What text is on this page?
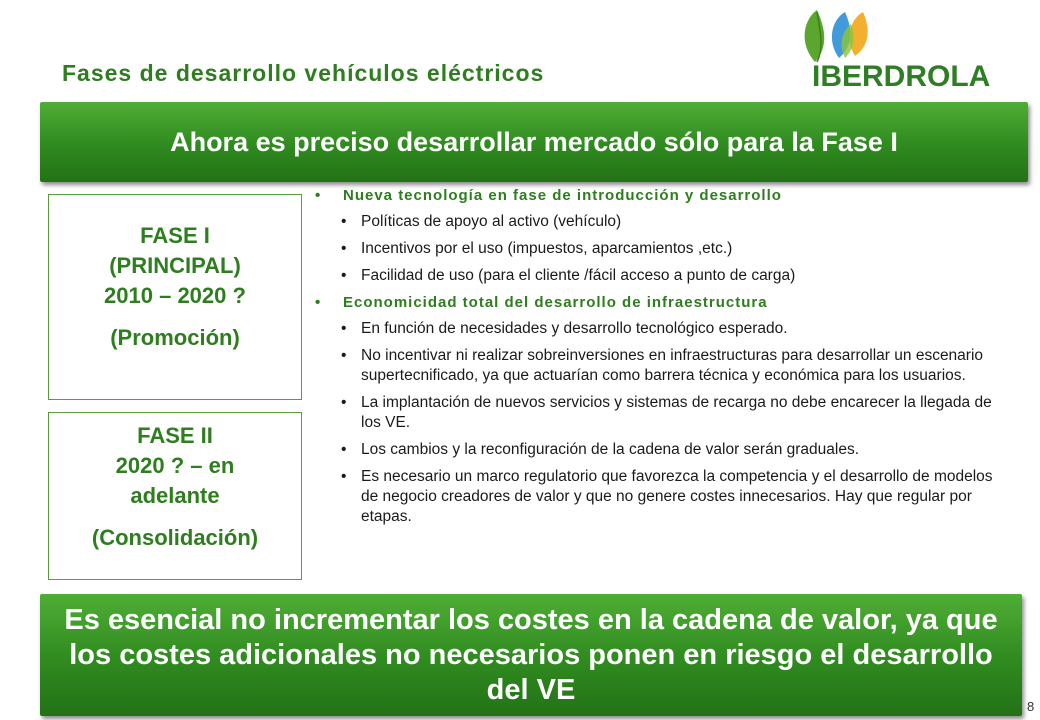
Fases de desarrollo vehículos eléctricos	IBERDROLA
Ahora es preciso desarrollar mercado sólo para la Fase I
FASE I
(PRINCIPAL)
2010 – 2020 ?
(Promoción)
FASE II
2020 ? – en
adelante
(Consolidación)
• Nueva tecnología en fase de introducción y desarrollo
• Políticas de apoyo al activo (vehículo)
• Incentivos por el uso (impuestos, aparcamientos ,etc.)
• Facilidad de uso (para el cliente /fácil acceso a punto de carga)
• Economicidad total del desarrollo de infraestructura
• En función de necesidades y desarrollo tecnológico esperado.
• No incentivar ni realizar sobreinversiones en infraestructuras para desarrollar un escenario supertecnificado, ya que actuarían como barrera técnica y económica para los usuarios.
• La implantación de nuevos servicios y sistemas de recarga no debe encarecer la llegada de los VE.
• Los cambios y la reconfiguración de la cadena de valor serán graduales.
• Es necesario un marco regulatorio que favorezca la competencia y el desarrollo de modelos de negocio creadores de valor y que no genere costes innecesarios. Hay que regular por etapas.
Es esencial no incrementar los costes en la cadena de valor, ya que los costes adicionales no necesarios ponen en riesgo el desarrollo del VE
8
